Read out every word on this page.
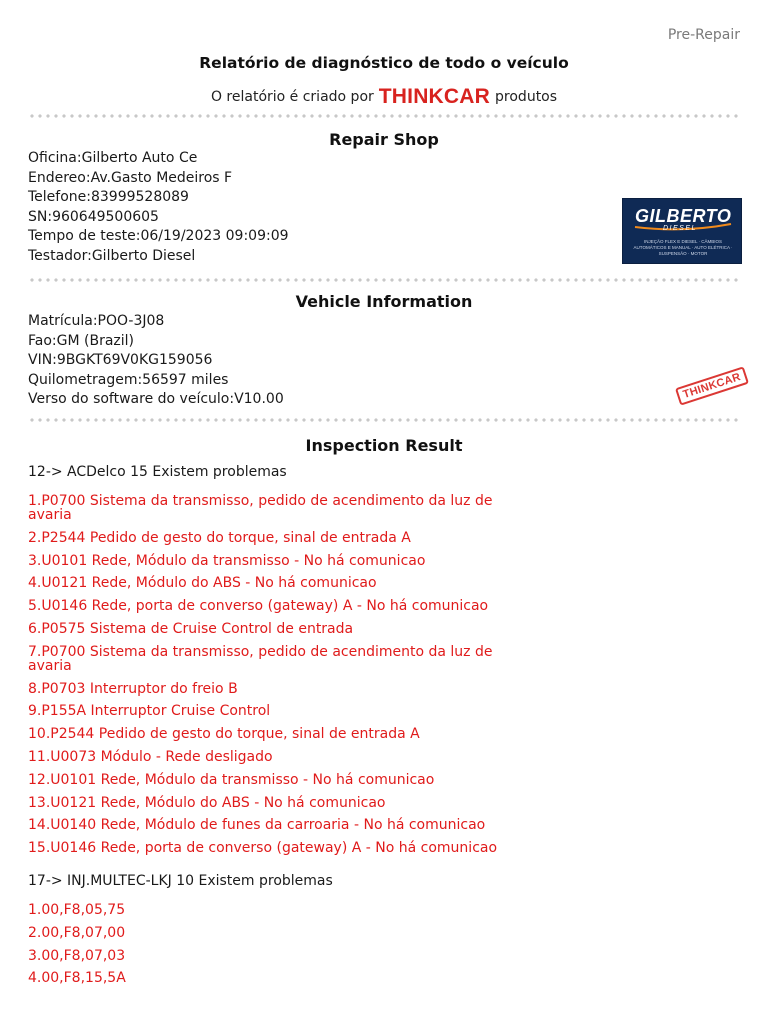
Pre-Repair
Relatório de diagnóstico de todo o veículo
O relatório é criado por THINKCAR produtos
Repair Shop
Oficina:Gilberto Auto Ce
Endereo:Av.Gasto Medeiros F
Telefone:83999528089
SN:960649500605
Tempo de teste:06/19/2023 09:09:09
Testador:Gilberto Diesel
GILBERTO
DIESEL
INJEÇÃO FLEX E DIESEL · CÂMBIOS AUTOMÁTICOS E MANUAL · AUTO ELÉTRICA · SUSPENSÃO · MOTOR
Vehicle Information
Matrícula:POO-3J08
Fao:GM (Brazil)
VIN:9BGKT69V0KG159056
Quilometragem:56597 miles
Verso do software do veículo:V10.00	THINKCAR
Inspection Result
12-> ACDelco 15 Existem problemas
1.P0700 Sistema da transmisso, pedido de acendimento da luz de avaria
2.P2544 Pedido de gesto do torque, sinal de entrada A
3.U0101 Rede, Módulo da transmisso - No há comunicao
4.U0121 Rede, Módulo do ABS - No há comunicao
5.U0146 Rede, porta de converso (gateway) A - No há comunicao
6.P0575 Sistema de Cruise Control de entrada
7.P0700 Sistema da transmisso, pedido de acendimento da luz de avaria
8.P0703 Interruptor do freio B
9.P155A Interruptor Cruise Control
10.P2544 Pedido de gesto do torque, sinal de entrada A
11.U0073 Módulo - Rede desligado
12.U0101 Rede, Módulo da transmisso - No há comunicao
13.U0121 Rede, Módulo do ABS - No há comunicao
14.U0140 Rede, Módulo de funes da carroaria - No há comunicao
15.U0146 Rede, porta de converso (gateway) A - No há comunicao
17-> INJ.MULTEC-LKJ 10 Existem problemas
1.00,F8,05,75
2.00,F8,07,00
3.00,F8,07,03
4.00,F8,15,5A
